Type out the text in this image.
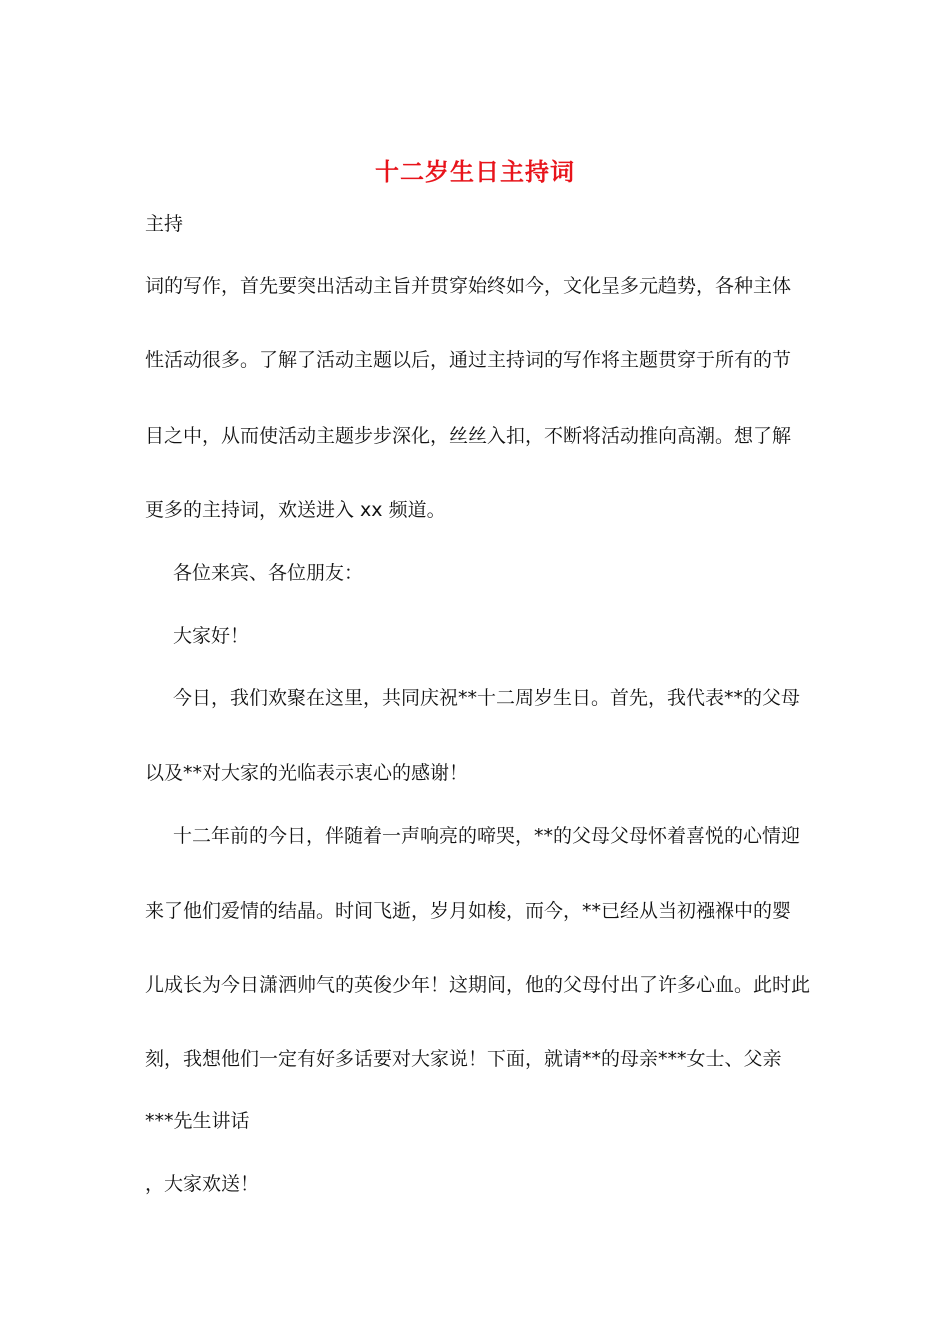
十二岁生日主持词
主持
词的写作，首先要突出活动主旨并贯穿始终如今，文化呈多元趋势，各种主体
性活动很多。了解了活动主题以后，通过主持词的写作将主题贯穿于所有的节
目之中，从而使活动主题步步深化，丝丝入扣，不断将活动推向高潮。想了解
更多的主持词，欢送进入 xx 频道。
各位来宾、各位朋友：
大家好！
今日，我们欢聚在这里，共同庆祝**十二周岁生日。首先，我代表**的父母
以及**对大家的光临表示衷心的感谢！
十二年前的今日，伴随着一声响亮的啼哭，**的父母父母怀着喜悦的心情迎
来了他们爱情的结晶。时间飞逝，岁月如梭，而今，**已经从当初襁褓中的婴
儿成长为今日潇洒帅气的英俊少年！这期间，他的父母付出了许多心血。此时此
刻，我想他们一定有好多话要对大家说！下面，就请**的母亲***女士、父亲
***先生讲话
，大家欢送！
